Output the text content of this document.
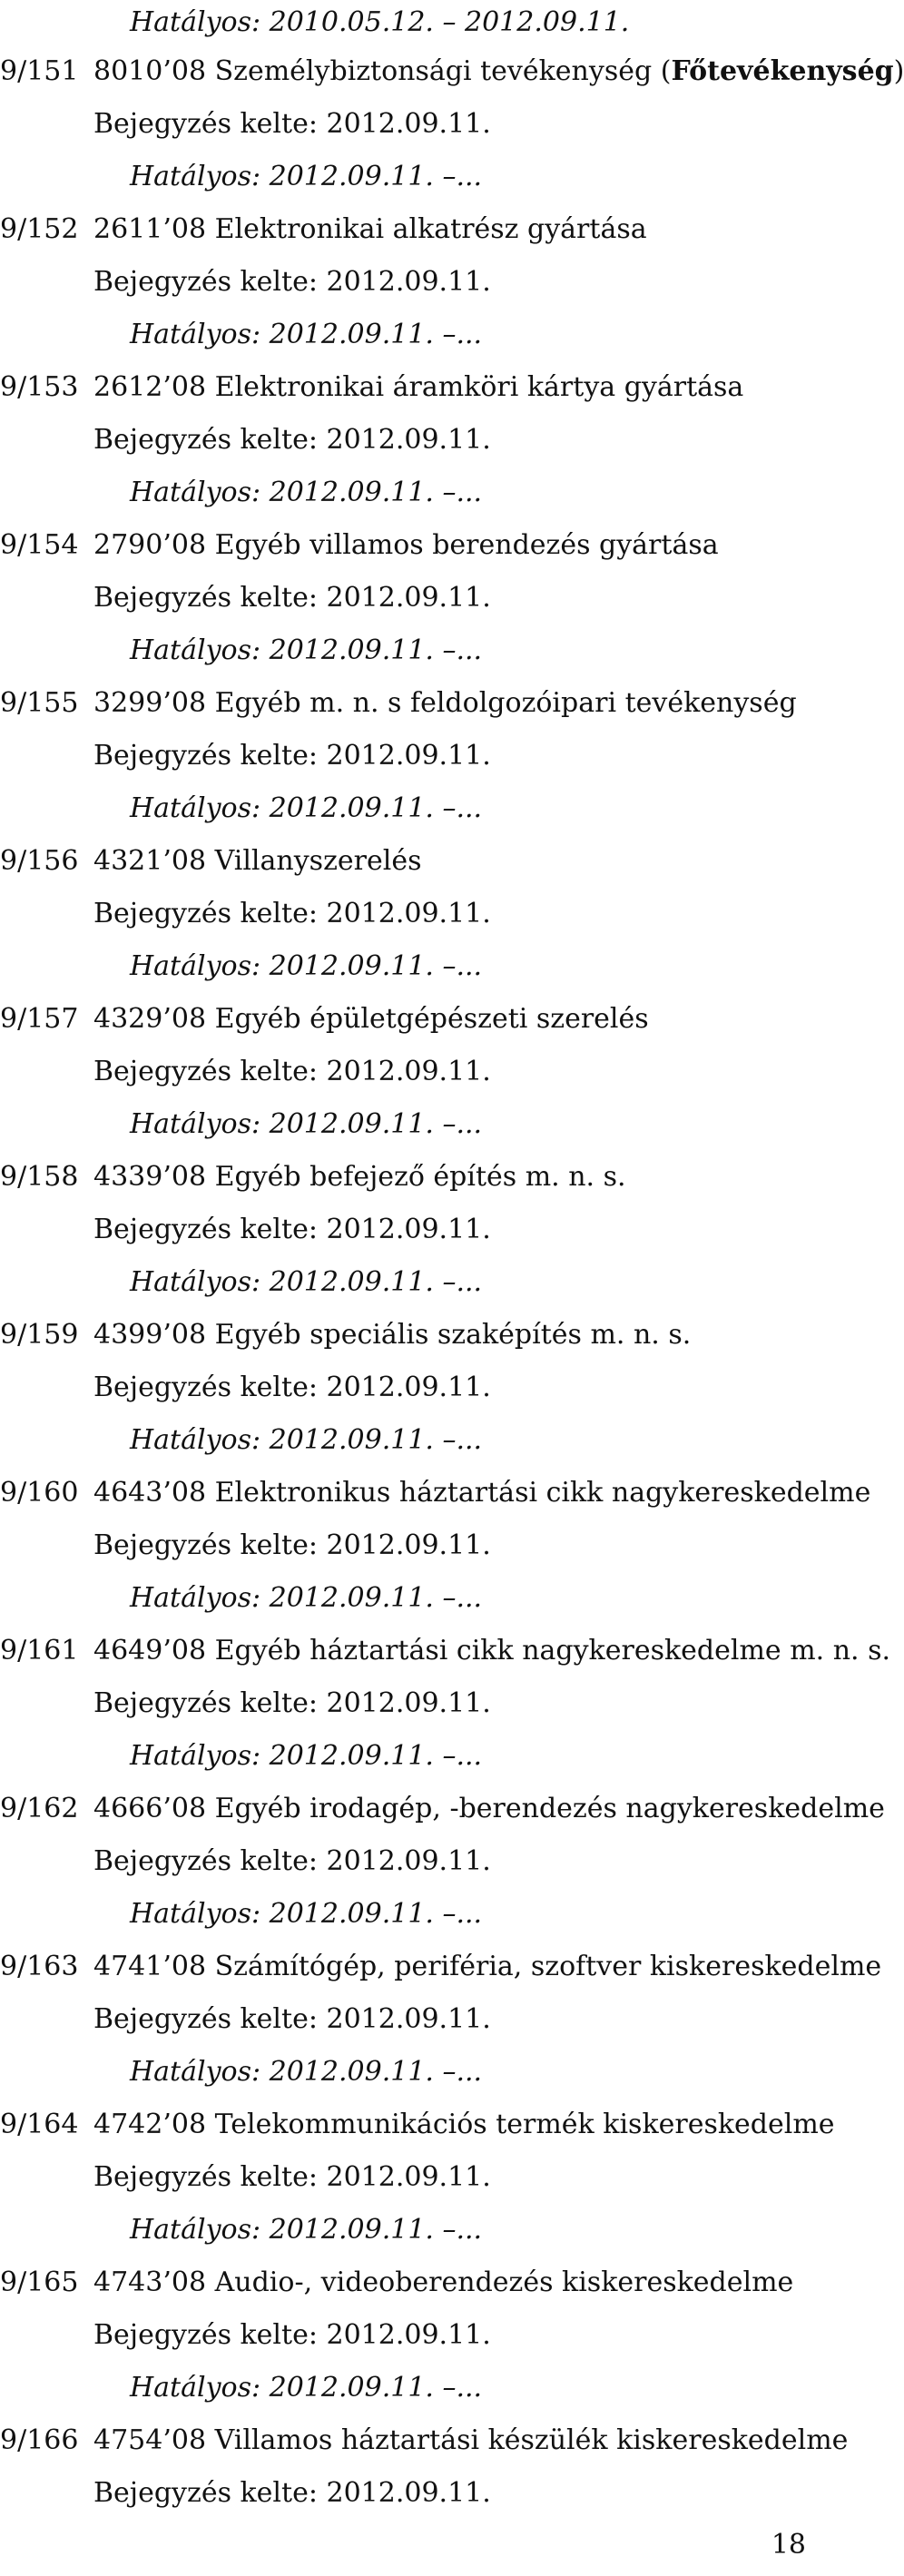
Hatályos: 2010.05.12. – 2012.09.11.
9/151 8010’08 Személybiztonsági tevékenység (Főtevékenység)
Bejegyzés kelte: 2012.09.11.
Hatályos: 2012.09.11. –...
9/152 2611’08 Elektronikai alkatrész gyártása
Bejegyzés kelte: 2012.09.11.
Hatályos: 2012.09.11. –...
9/153 2612’08 Elektronikai áramköri kártya gyártása
Bejegyzés kelte: 2012.09.11.
Hatályos: 2012.09.11. –...
9/154 2790’08 Egyéb villamos berendezés gyártása
Bejegyzés kelte: 2012.09.11.
Hatályos: 2012.09.11. –...
9/155 3299’08 Egyéb m. n. s feldolgozóipari tevékenység
Bejegyzés kelte: 2012.09.11.
Hatályos: 2012.09.11. –...
9/156 4321’08 Villanyszerelés
Bejegyzés kelte: 2012.09.11.
Hatályos: 2012.09.11. –...
9/157 4329’08 Egyéb épületgépészeti szerelés
Bejegyzés kelte: 2012.09.11.
Hatályos: 2012.09.11. –...
9/158 4339’08 Egyéb befejező építés m. n. s.
Bejegyzés kelte: 2012.09.11.
Hatályos: 2012.09.11. –...
9/159 4399’08 Egyéb speciális szaképítés m. n. s.
Bejegyzés kelte: 2012.09.11.
Hatályos: 2012.09.11. –...
9/160 4643’08 Elektronikus háztartási cikk nagykereskedelme
Bejegyzés kelte: 2012.09.11.
Hatályos: 2012.09.11. –...
9/161 4649’08 Egyéb háztartási cikk nagykereskedelme m. n. s.
Bejegyzés kelte: 2012.09.11.
Hatályos: 2012.09.11. –...
9/162 4666’08 Egyéb irodagép, -berendezés nagykereskedelme
Bejegyzés kelte: 2012.09.11.
Hatályos: 2012.09.11. –...
9/163 4741’08 Számítógép, periféria, szoftver kiskereskedelme
Bejegyzés kelte: 2012.09.11.
Hatályos: 2012.09.11. –...
9/164 4742’08 Telekommunikációs termék kiskereskedelme
Bejegyzés kelte: 2012.09.11.
Hatályos: 2012.09.11. –...
9/165 4743’08 Audio-, videoberendezés kiskereskedelme
Bejegyzés kelte: 2012.09.11.
Hatályos: 2012.09.11. –...
9/166 4754’08 Villamos háztartási készülék kiskereskedelme
Bejegyzés kelte: 2012.09.11.
18
